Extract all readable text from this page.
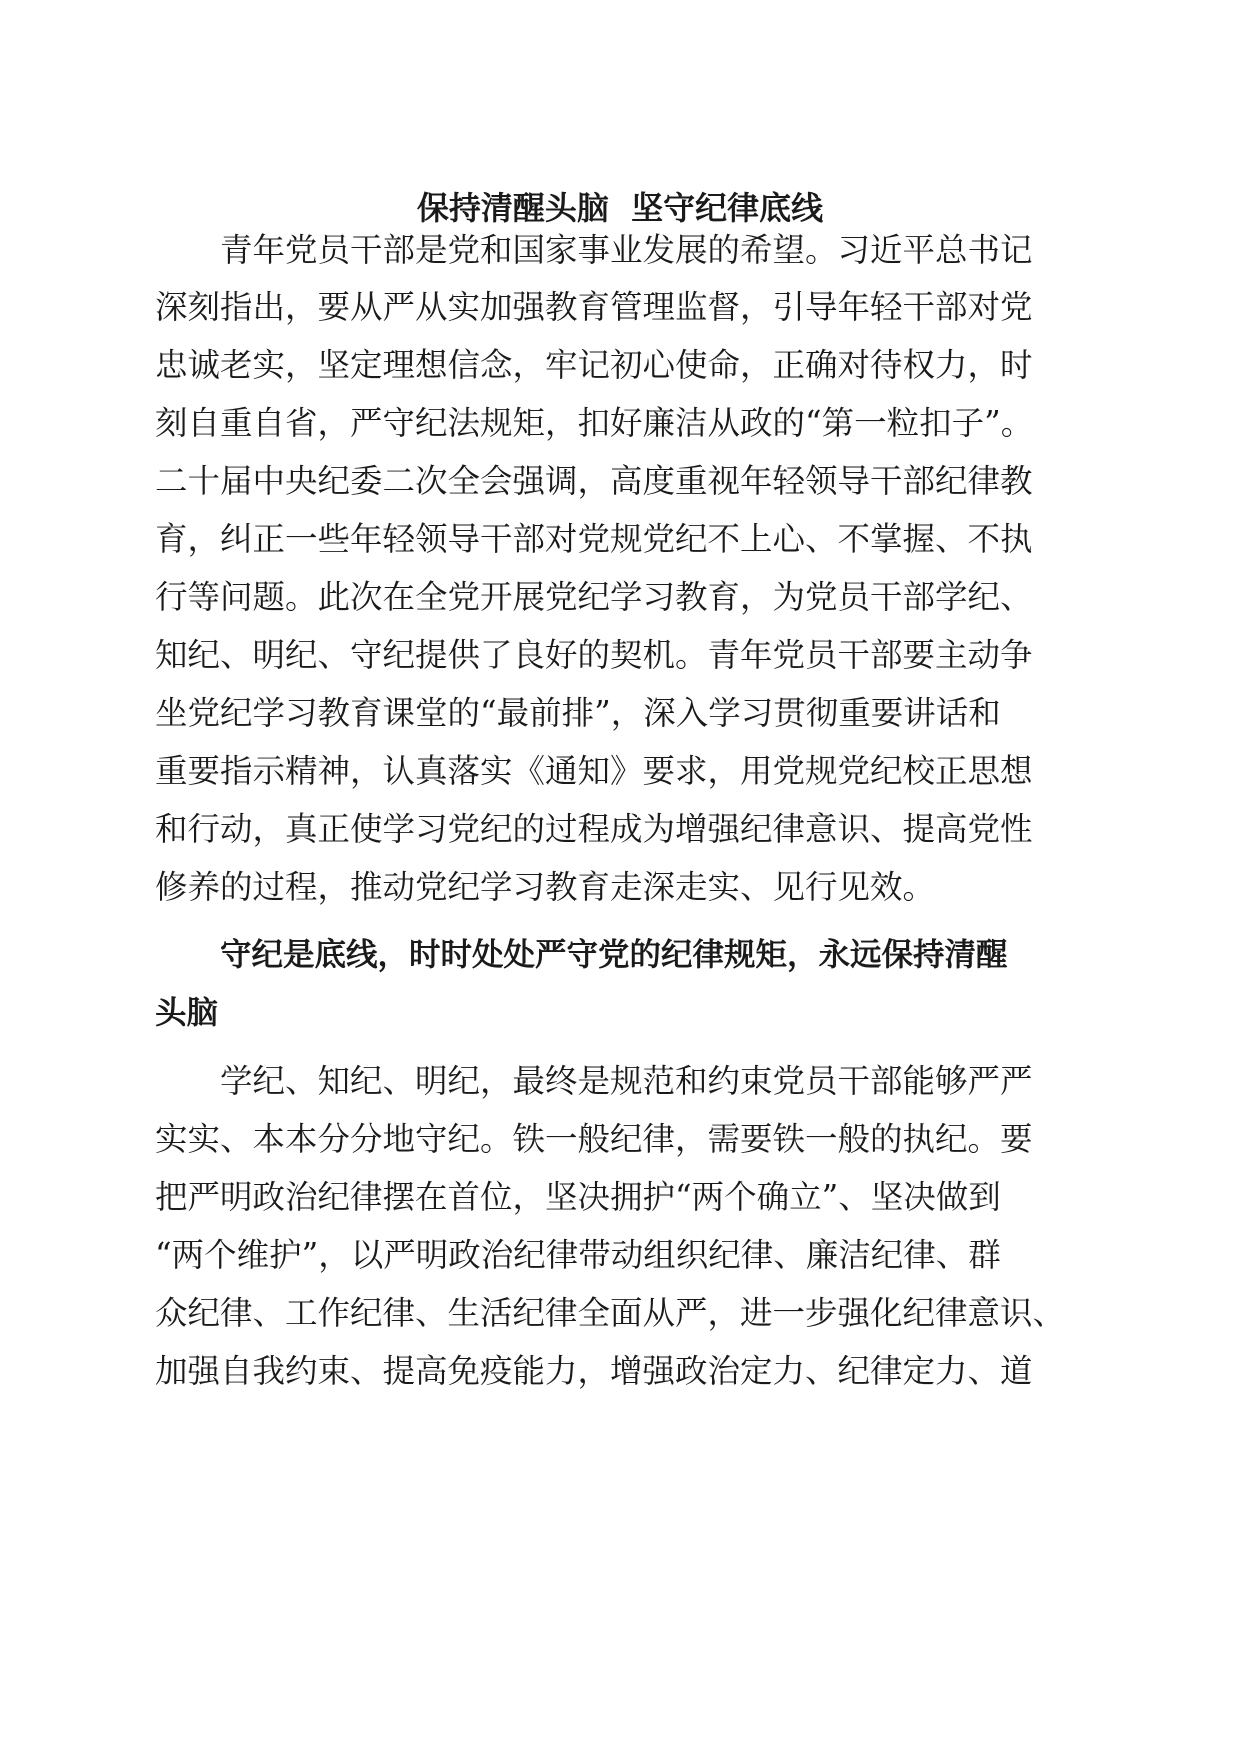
保持清醒头脑  坚守纪律底线

青年党员干部是党和国家事业发展的希望。习近平总书记

深刻指出，要从严从实加强教育管理监督，引导年轻干部对党

忠诚老实，坚定理想信念，牢记初心使命，正确对待权力，时

刻自重自省，严守纪法规矩，扣好廉洁从政的“第一粒扣子”。

二十届中央纪委二次全会强调，高度重视年轻领导干部纪律教

育，纠正一些年轻领导干部对党规党纪不上心、不掌握、不执

行等问题。此次在全党开展党纪学习教育，为党员干部学纪、

知纪、明纪、守纪提供了良好的契机。青年党员干部要主动争

坐党纪学习教育课堂的“最前排”，深入学习贯彻重要讲话和

重要指示精神，认真落实《通知》要求，用党规党纪校正思想

和行动，真正使学习党纪的过程成为增强纪律意识、提高党性

修养的过程，推动党纪学习教育走深走实、见行见效。

守纪是底线，时时处处严守党的纪律规矩，永远保持清醒

头脑

学纪、知纪、明纪，最终是规范和约束党员干部能够严严

实实、本本分分地守纪。铁一般纪律，需要铁一般的执纪。要

把严明政治纪律摆在首位，坚决拥护“两个确立”、坚决做到

“两个维护”，以严明政治纪律带动组织纪律、廉洁纪律、群

众纪律、工作纪律、生活纪律全面从严，进一步强化纪律意识、

加强自我约束、提高免疫能力，增强政治定力、纪律定力、道
